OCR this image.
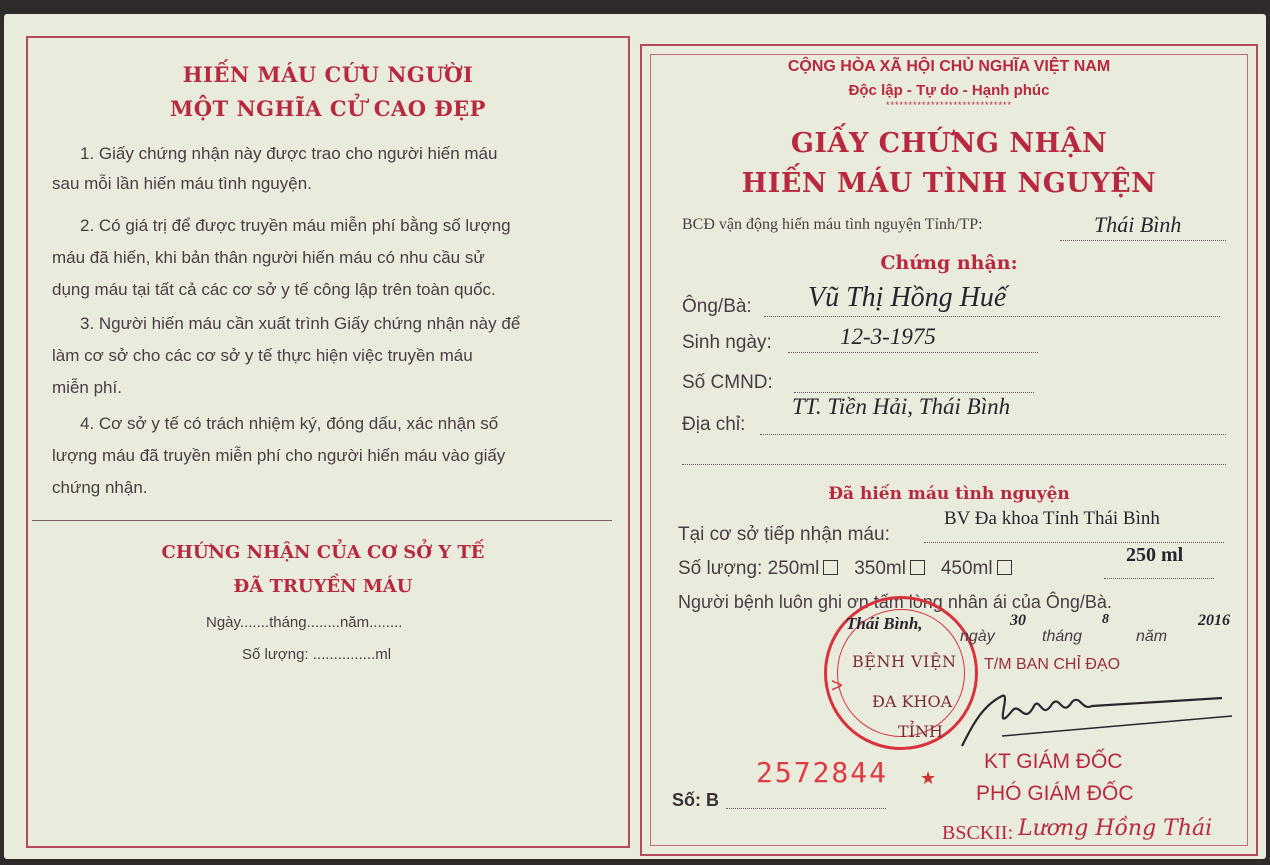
HIẾN MÁU CỨU NGƯỜI
MỘT NGHĨA CỬ CAO ĐẸP
1. Giấy chứng nhận này được trao cho người hiến máu
sau mỗi lần hiến máu tình nguyện.
2. Có giá trị để được truyền máu miễn phí bằng số lượng
máu đã hiến, khi bản thân người hiến máu có nhu cầu sử
dụng máu tại tất cả các cơ sở y tế công lập trên toàn quốc.
3. Người hiến máu cần xuất trình Giấy chứng nhận này để
làm cơ sở cho các cơ sở y tế thực hiện việc truyền máu
miễn phí.
4. Cơ sở y tế có trách nhiệm ký, đóng dấu, xác nhận số
lượng máu đã truyền miễn phí cho người hiến máu vào giấy
chứng nhận.
CHỨNG NHẬN CỦA CƠ SỞ Y TẾ
ĐÃ TRUYỀN MÁU
Ngày.......tháng........năm........
Số lượng: ...............ml
CỘNG HÒA XÃ HỘI CHỦ NGHĨA VIỆT NAM
Độc lập - Tự do - Hạnh phúc
****************************
GIẤY CHỨNG NHẬN
HIẾN MÁU TÌNH NGUYỆN
BCĐ vận động hiến máu tình nguyện Tỉnh/TP:	Thái Bình
Chứng nhận:
Ông/Bà: Vũ Thị Hồng Huế
Sinh ngày:	12-3-1975
Số CMND:
Địa chỉ:
TT. Tiền Hải, Thái Bình
Đã hiến máu tình nguyện
Tại cơ sở tiếp nhận máu:
BV Đa khoa Tỉnh Thái Bình
Số lượng: 250ml 350ml 450ml
250 ml
Người bệnh luôn ghi ơn tấm lòng nhân ái của Ông/Bà.
>
BỆNH VIỆN
ĐA KHOA
TỈNH
★
Thái Bình,
ngày
30
tháng
8
năm
2016
T/M BAN CHỈ ĐẠO
KT GIÁM ĐỐC
PHÓ GIÁM ĐỐC
BSCKII: Lương Hồng Thái
Số: B
2572844
